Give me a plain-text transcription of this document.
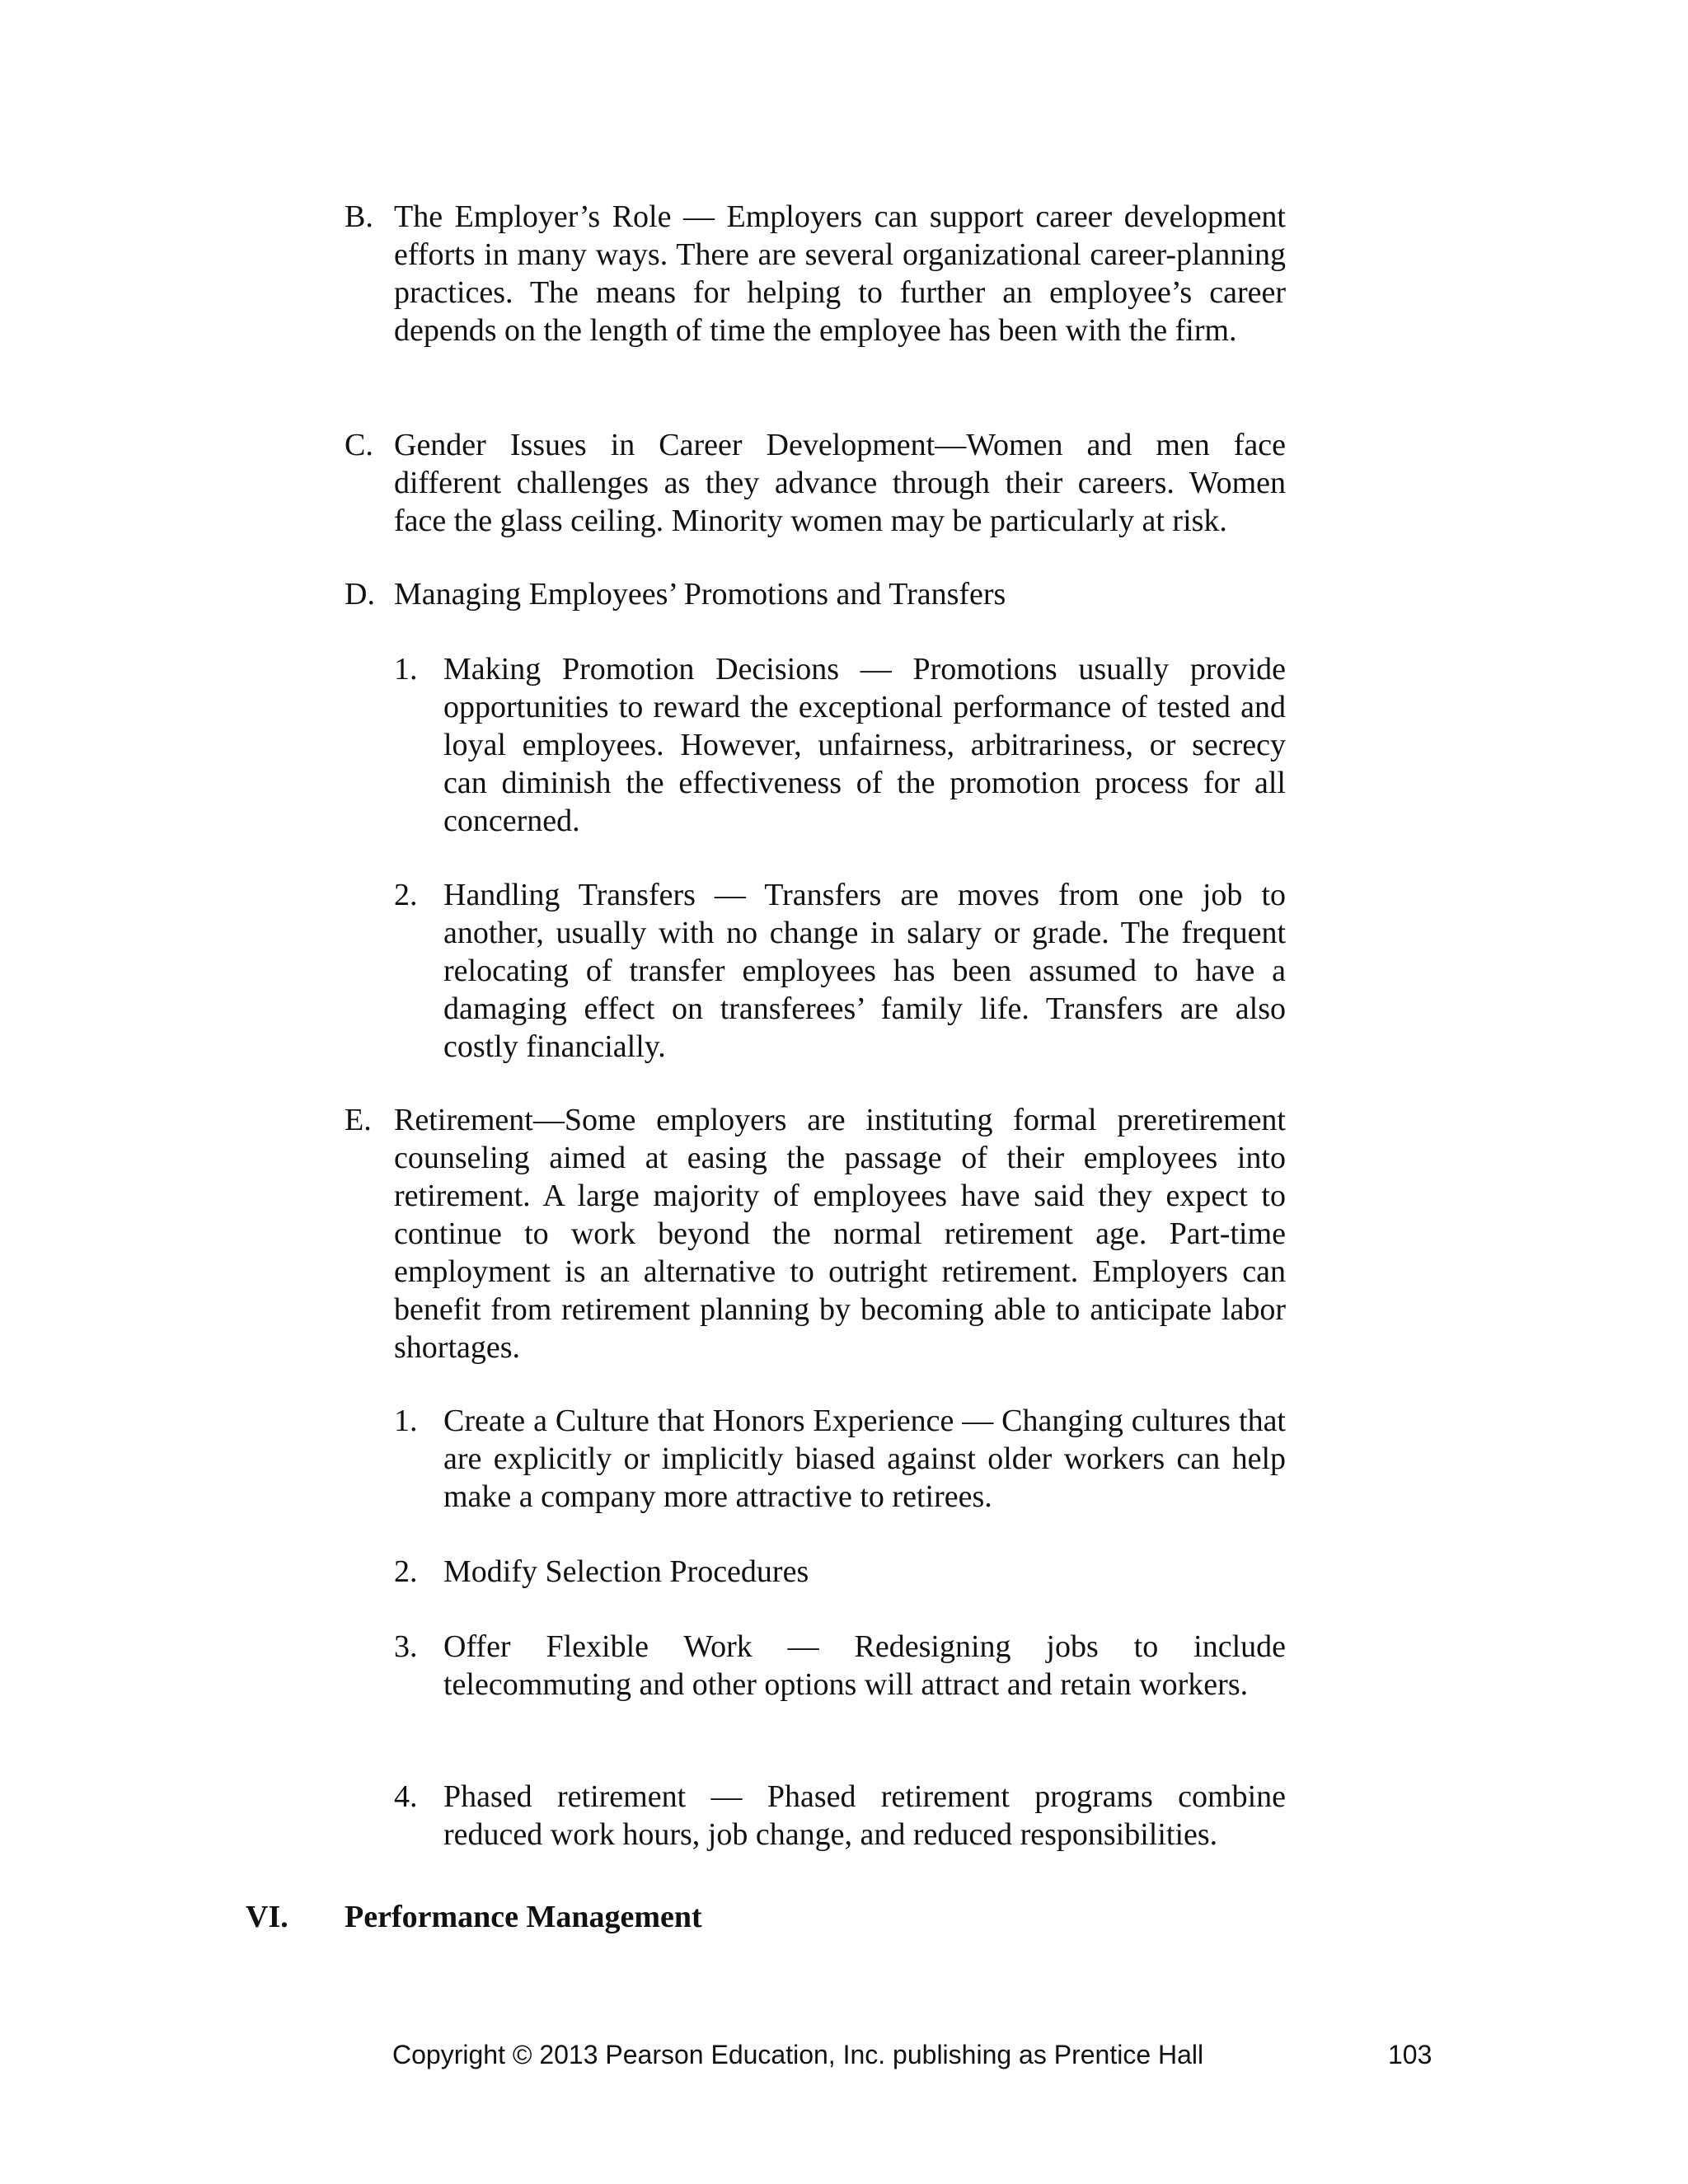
B. The Employer’s Role — Employers can support career development efforts in many ways. There are several organizational career-planning practices. The means for helping to further an employee’s career depends on the length of time the employee has been with the firm.
C. Gender Issues in Career Development—Women and men face different challenges as they advance through their careers. Women face the glass ceiling. Minority women may be particularly at risk.
D. Managing Employees’ Promotions and Transfers
1. Making Promotion Decisions — Promotions usually provide opportunities to reward the exceptional performance of tested and loyal employees. However, unfairness, arbitrariness, or secrecy can diminish the effectiveness of the promotion process for all concerned.
2. Handling Transfers — Transfers are moves from one job to another, usually with no change in salary or grade. The frequent relocating of transfer employees has been assumed to have a damaging effect on transferees’ family life. Transfers are also costly financially.
E. Retirement—Some employers are instituting formal preretirement counseling aimed at easing the passage of their employees into retirement. A large majority of employees have said they expect to continue to work beyond the normal retirement age. Part-time employment is an alternative to outright retirement. Employers can benefit from retirement planning by becoming able to anticipate labor shortages.
1. Create a Culture that Honors Experience — Changing cultures that are explicitly or implicitly biased against older workers can help make a company more attractive to retirees.
2. Modify Selection Procedures
3. Offer Flexible Work — Redesigning jobs to include telecommuting and other options will attract and retain workers.
4. Phased retirement — Phased retirement programs combine reduced work hours, job change, and reduced responsibilities.
VI.	Performance Management
Copyright © 2013 Pearson Education, Inc. publishing as Prentice Hall	103
